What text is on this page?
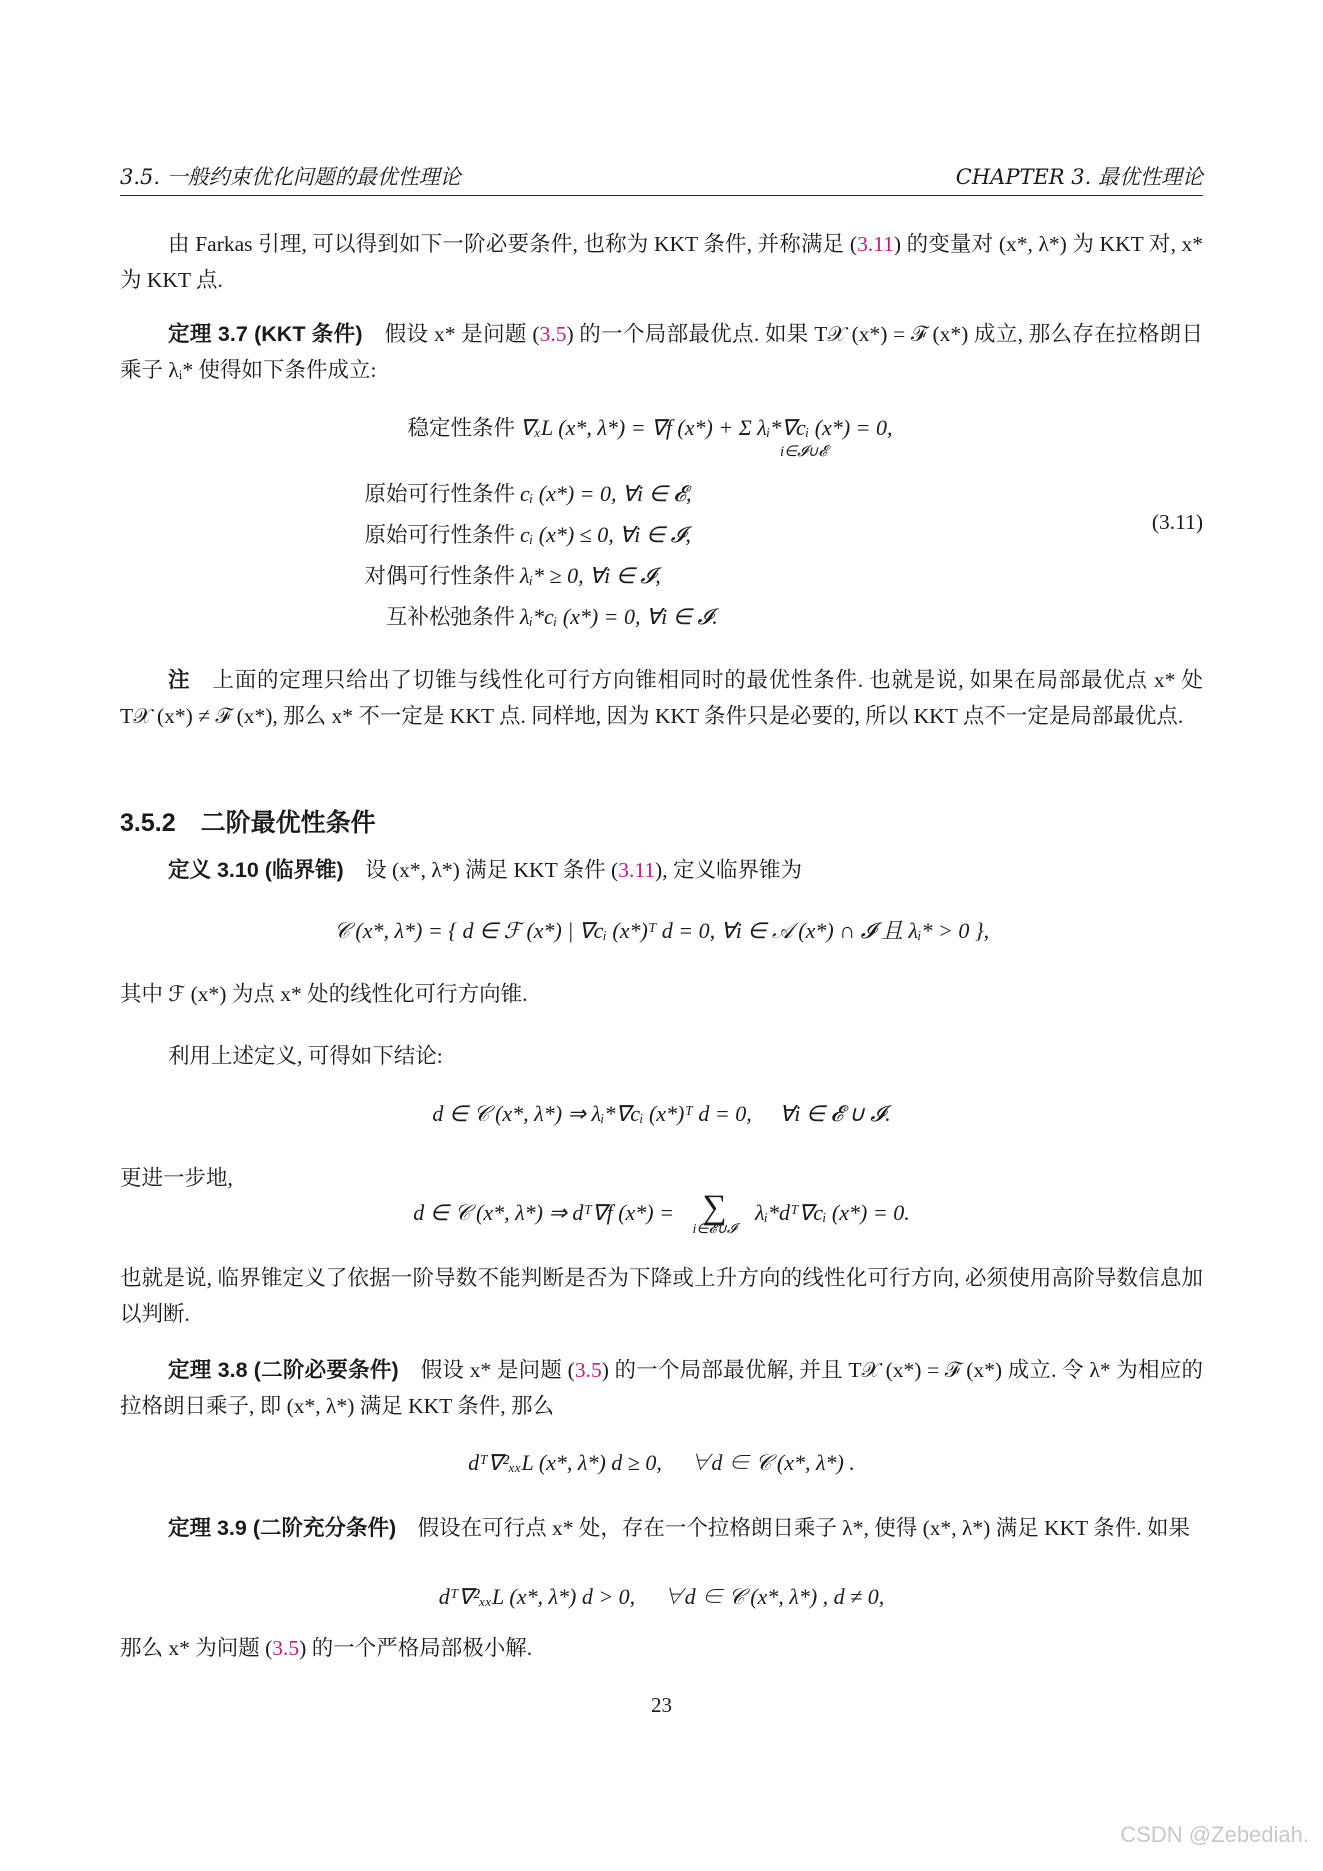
3.5. 一般约束优化问题的最优性理论	CHAPTER 3. 最优性理论

由 Farkas 引理, 可以得到如下一阶必要条件, 也称为 KKT 条件, 并称满足 (3.11) 的变量对 (x*, λ*) 为 KKT 对, x* 为 KKT 点.

定理 3.7 (KKT 条件)　 假设 x* 是问题 (3.5) 的一个局部最优点. 如果 T𝒳 (x*) = ℱ (x*) 成立, 那么存在拉格朗日乘子 λᵢ* 使得如下条件成立:

稳定性条件 ∇ₓL (x*, λ*) = ∇f (x*) + Σ λᵢ*∇cᵢ (x*) = 0,
i∈𝓘∪𝓔
原始可行性条件 cᵢ (x*) = 0, ∀i ∈ 𝓔,
原始可行性条件 cᵢ (x*) ≤ 0, ∀i ∈ 𝓘,
对偶可行性条件 λᵢ* ≥ 0, ∀i ∈ 𝓘,
互补松弛条件 λᵢ*cᵢ (x*) = 0, ∀i ∈ 𝓘.
(3.11)

注　 上面的定理只给出了切锥与线性化可行方向锥相同时的最优性条件. 也就是说, 如果在局部最优点 x* 处 T𝒳 (x*) ≠ ℱ (x*), 那么 x* 不一定是 KKT 点. 同样地, 因为 KKT 条件只是必要的, 所以 KKT 点不一定是局部最优点.

3.5.2　二阶最优性条件

定义 3.10 (临界锥)　 设 (x*, λ*) 满足 KKT 条件 (3.11), 定义临界锥为

𝒞 (x*, λ*) = { d ∈ ℱ (x*) | ∇cᵢ (x*)ᵀ d = 0, ∀i ∈ 𝒜 (x*) ∩ 𝓘 且 λᵢ* > 0 },

其中 ℱ (x*) 为点 x* 处的线性化可行方向锥.

利用上述定义, 可得如下结论:

d ∈ 𝒞 (x*, λ*) ⇒ λᵢ*∇cᵢ (x*)ᵀ d = 0,　 ∀i ∈ 𝓔 ∪ 𝓘.

更进一步地,

d ∈ 𝒞 (x*, λ*) ⇒ dᵀ∇f (x*) = ∑
i∈𝓔∪𝓘
λᵢ*dᵀ∇cᵢ (x*) = 0.

也就是说, 临界锥定义了依据一阶导数不能判断是否为下降或上升方向的线性化可行方向, 必须使用高阶导数信息加以判断.

定理 3.8 (二阶必要条件)　 假设 x* 是问题 (3.5) 的一个局部最优解, 并且 T𝒳 (x*) = ℱ (x*) 成立. 令 λ* 为相应的拉格朗日乘子, 即 (x*, λ*) 满足 KKT 条件, 那么

dᵀ∇²ₓₓL (x*, λ*) d ≥ 0,　 ∀d ∈ 𝒞 (x*, λ*) .

定理 3.9 (二阶充分条件)　 假设在可行点 x* 处，存在一个拉格朗日乘子 λ*, 使得 (x*, λ*) 满足 KKT 条件. 如果

dᵀ∇²ₓₓL (x*, λ*) d > 0,　 ∀d ∈ 𝒞 (x*, λ*) , d ≠ 0,

那么 x* 为问题 (3.5) 的一个严格局部极小解.

23
CSDN @Zebediah.
